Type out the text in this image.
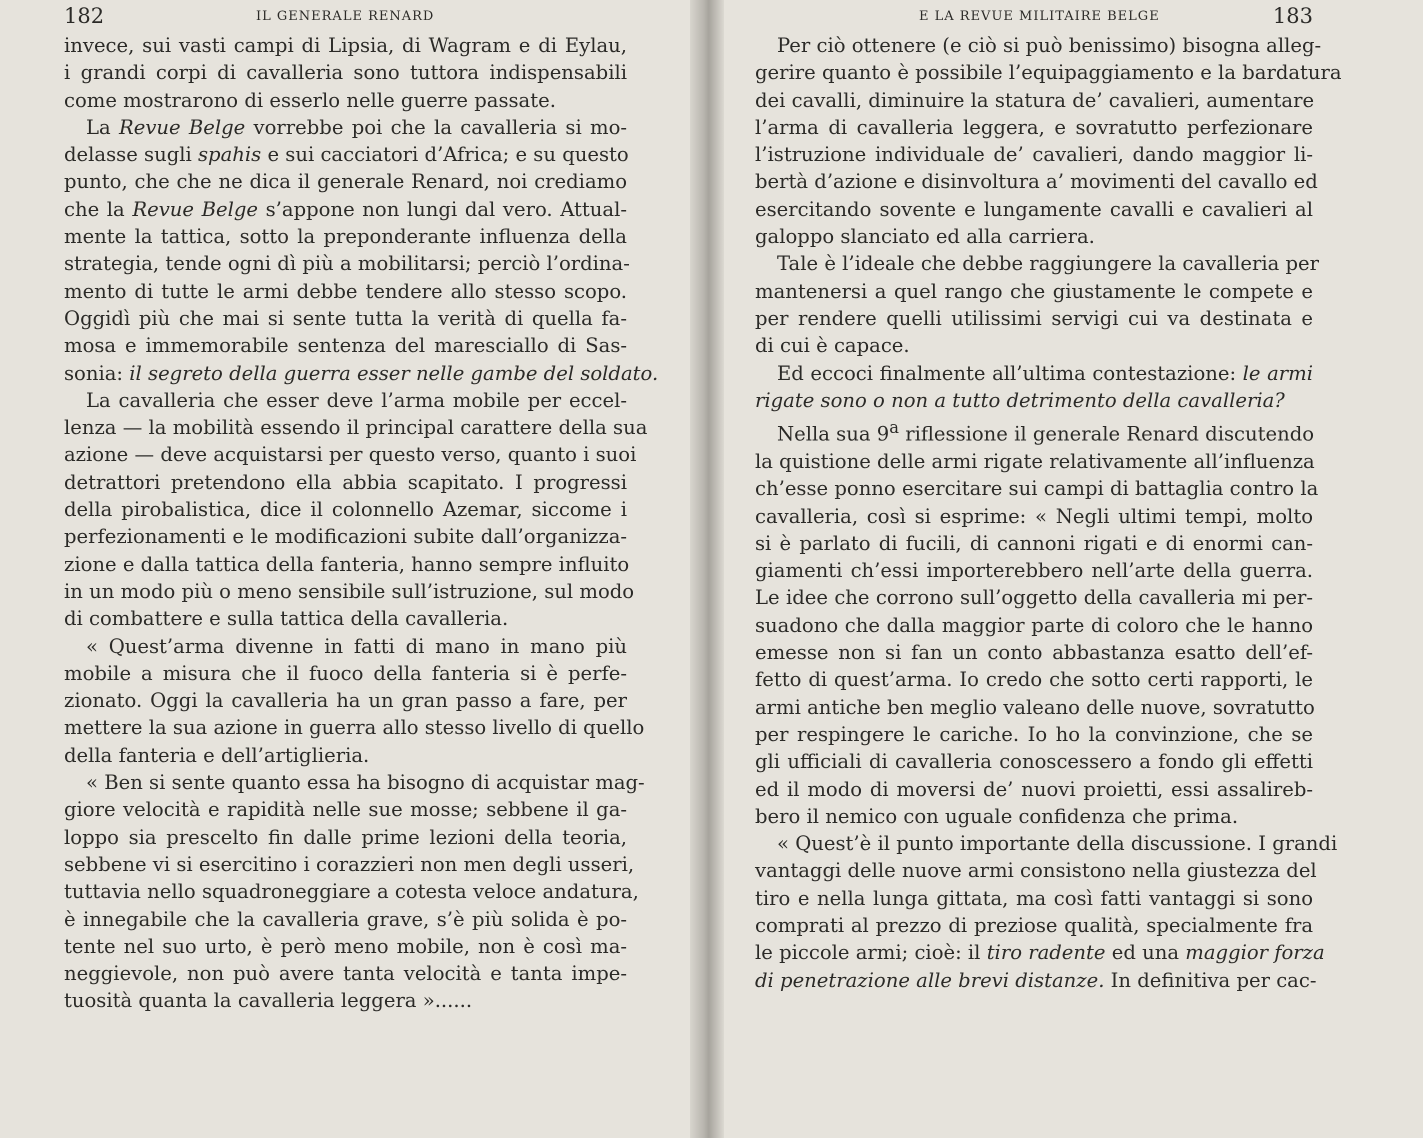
182	IL GENERALE RENARD	E LA REVUE MILITAIRE BELGE	183
invece, sui vasti campi di Lipsia, di Wagram e di Eylau,
i grandi corpi di cavalleria sono tuttora indispensabili
come mostrarono di esserlo nelle guerre passate.
La Revue Belge vorrebbe poi che la cavalleria si mo-
delasse sugli spahis e sui cacciatori d’Africa; e su questo
punto, che che ne dica il generale Renard, noi crediamo
che la Revue Belge s’appone non lungi dal vero. Attual-
mente la tattica, sotto la preponderante influenza della
strategia, tende ogni dì più a mobilitarsi; perciò l’ordina-
mento di tutte le armi debbe tendere allo stesso scopo.
Oggidì più che mai si sente tutta la verità di quella fa-
mosa e immemorabile sentenza del maresciallo di Sas-
sonia: il segreto della guerra esser nelle gambe del soldato.
La cavalleria che esser deve l’arma mobile per eccel-
lenza — la mobilità essendo il principal carattere della sua
azione — deve acquistarsi per questo verso, quanto i suoi
detrattori pretendono ella abbia scapitato. I progressi
della pirobalistica, dice il colonnello Azemar, siccome i
perfezionamenti e le modificazioni subite dall’organizza-
zione e dalla tattica della fanteria, hanno sempre influito
in un modo più o meno sensibile sull’istruzione, sul modo
di combattere e sulla tattica della cavalleria.
« Quest’arma divenne in fatti di mano in mano più
mobile a misura che il fuoco della fanteria si è perfe-
zionato. Oggi la cavalleria ha un gran passo a fare, per
mettere la sua azione in guerra allo stesso livello di quello
della fanteria e dell’artiglieria.
« Ben si sente quanto essa ha bisogno di acquistar mag-
giore velocità e rapidità nelle sue mosse; sebbene il ga-
loppo sia prescelto fin dalle prime lezioni della teoria,
sebbene vi si esercitino i corazzieri non men degli usseri,
tuttavia nello squadroneggiare a cotesta veloce andatura,
è innegabile che la cavalleria grave, s’è più solida è po-
tente nel suo urto, è però meno mobile, non è così ma-
neggievole, non può avere tanta velocità e tanta impe-
tuosità quanta la cavalleria leggera »......
Per ciò ottenere (e ciò si può benissimo) bisogna alleg-
gerire quanto è possibile l’equipaggiamento e la bardatura
dei cavalli, diminuire la statura de’ cavalieri, aumentare
l’arma di cavalleria leggera, e sovratutto perfezionare
l’istruzione individuale de’ cavalieri, dando maggior li-
bertà d’azione e disinvoltura a’ movimenti del cavallo ed
esercitando sovente e lungamente cavalli e cavalieri al
galoppo slanciato ed alla carriera.
Tale è l’ideale che debbe raggiungere la cavalleria per
mantenersi a quel rango che giustamente le compete e
per rendere quelli utilissimi servigi cui va destinata e
di cui è capace.
Ed eccoci finalmente all’ultima contestazione: le armi
rigate sono o non a tutto detrimento della cavalleria?
Nella sua 9$^a$ riflessione il generale Renard discutendo
la quistione delle armi rigate relativamente all’influenza
ch’esse ponno esercitare sui campi di battaglia contro la
cavalleria, così si esprime: « Negli ultimi tempi, molto
si è parlato di fucili, di cannoni rigati e di enormi can-
giamenti ch’essi importerebbero nell’arte della guerra.
Le idee che corrono sull’oggetto della cavalleria mi per-
suadono che dalla maggior parte di coloro che le hanno
emesse non si fan un conto abbastanza esatto dell’ef-
fetto di quest’arma. Io credo che sotto certi rapporti, le
armi antiche ben meglio valeano delle nuove, sovratutto
per respingere le cariche. Io ho la convinzione, che se
gli ufficiali di cavalleria conoscessero a fondo gli effetti
ed il modo di moversi de’ nuovi proietti, essi assalireb-
bero il nemico con uguale confidenza che prima.
« Quest’è il punto importante della discussione. I grandi
vantaggi delle nuove armi consistono nella giustezza del
tiro e nella lunga gittata, ma così fatti vantaggi si sono
comprati al prezzo di preziose qualità, specialmente fra
le piccole armi; cioè: il tiro radente ed una maggior forza
di penetrazione alle brevi distanze. In definitiva per cac-
